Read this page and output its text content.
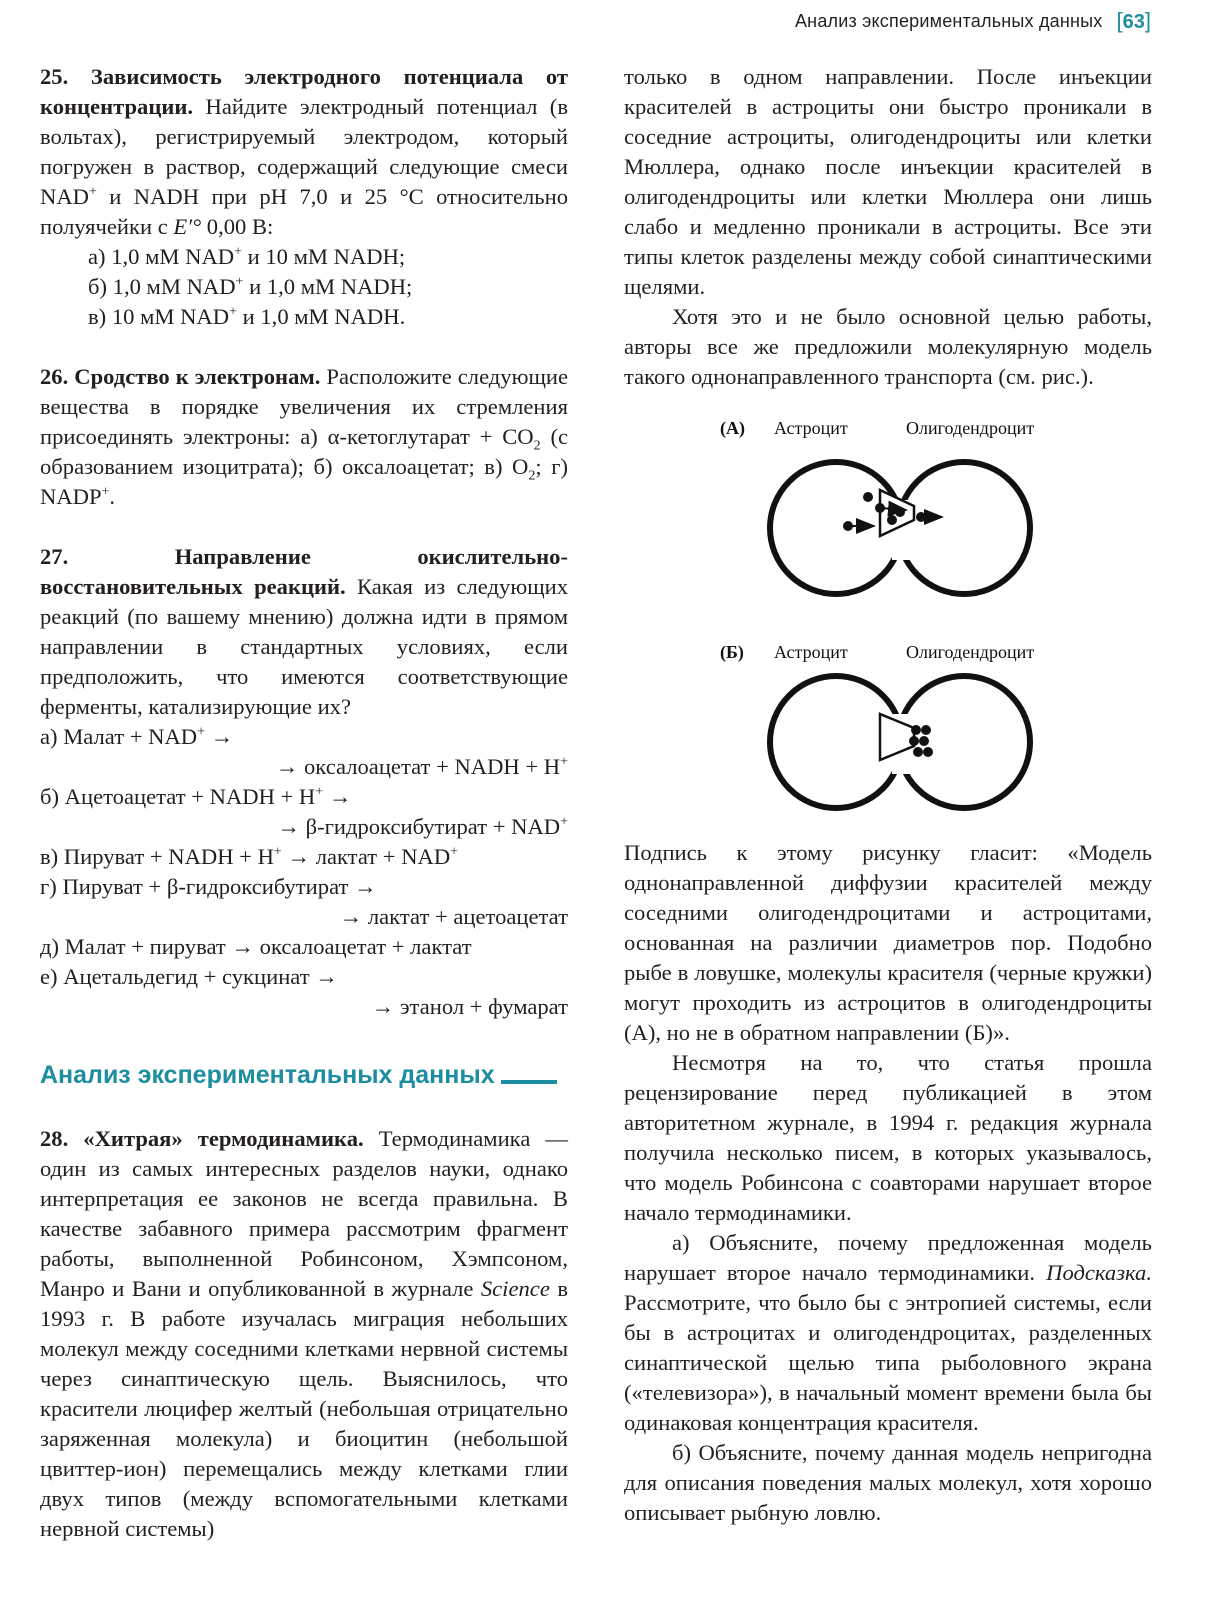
Анализ экспериментальных данных [63]

25. Зависимость электродного потенциала от концентрации. Найдите электродный потенциал (в вольтах), регистрируемый электродом, который погружен в раствор, содержащий следующие смеси NAD+ и NADH при pH 7,0 и 25 °C относительно полуячейки с E′° 0,00 В:

а) 1,0 мМ NAD+ и 10 мМ NADH;

б) 1,0 мМ NAD+ и 1,0 мМ NADH;

в) 10 мМ NAD+ и 1,0 мМ NADH.

26. Сродство к электронам. Расположите следующие вещества в порядке увеличения их стремления присоединять электроны: а) α-кетоглутарат + $CO_2$ (с образованием изоцитрата); б) оксалоацетат; в) $O_2$; г) NADP+.

27. Направление окислительно-восстановительных реакций. Какая из следующих реакций (по вашему мнению) должна идти в прямом направлении в стандартных условиях, если предположить, что имеются соответствующие ферменты, катализирующие их?

а) Малат + NAD+ →

→ оксалоацетат + NADH + H+

б) Ацетоацетат + NADH + H+ →

→ β-гидроксибутират + NAD+

в) Пируват + NADH + H+ → лактат + NAD+

г) Пируват + β-гидроксибутират →

→ лактат + ацетоацетат

д) Малат + пируват → оксалоацетат + лактат

е) Ацетальдегид + сукцинат →

→ этанол + фумарат

Анализ экспериментальных данных

28. «Хитрая» термодинамика. Термодинамика — один из самых интересных разделов науки, однако интерпретация ее законов не всегда правильна. В качестве забавного примера рассмотрим фрагмент работы, выполненной Робинсоном, Хэмпсоном, Манро и Вани и опубликованной в журнале Science в 1993 г. В работе изучалась миграция небольших молекул между соседними клетками нервной системы через синаптическую щель. Выяснилось, что красители люцифер желтый (небольшая отрицательно заряженная молекула) и биоцитин (небольшой цвиттер-ион) перемещались между клетками глии двух типов (между вспомогательными клетками нервной системы)

только в одном направлении. После инъекции красителей в астроциты они быстро проникали в соседние астроциты, олигодендроциты или клетки Мюллера, однако после инъекции красителей в олигодендроциты или клетки Мюллера они лишь слабо и медленно проникали в астроциты. Все эти типы клеток разделены между собой синаптическими щелями.

Хотя это и не было основной целью работы, авторы все же предложили молекулярную модель такого однонаправленного транспорта (см. рис.).

(А) Астроцит	Олигодендроцит
(Б) Астроцит	Олигодендроцит

Подпись к этому рисунку гласит: «Модель однонаправленной диффузии красителей между соседними олигодендроцитами и астроцитами, основанная на различии диаметров пор. Подобно рыбе в ловушке, молекулы красителя (черные кружки) могут проходить из астроцитов в олигодендроциты (А), но не в обратном направлении (Б)».

Несмотря на то, что статья прошла рецензирование перед публикацией в этом авторитетном журнале, в 1994 г. редакция журнала получила несколько писем, в которых указывалось, что модель Робинсона с соавторами нарушает второе начало термодинамики.

а) Объясните, почему предложенная модель нарушает второе начало термодинамики. Подсказка. Рассмотрите, что было бы с энтропией системы, если бы в астроцитах и олигодендроцитах, разделенных синаптической щелью типа рыболовного экрана («телевизора»), в начальный момент времени была бы одинаковая концентрация красителя.

б) Объясните, почему данная модель непригодна для описания поведения малых молекул, хотя хорошо описывает рыбную ловлю.
